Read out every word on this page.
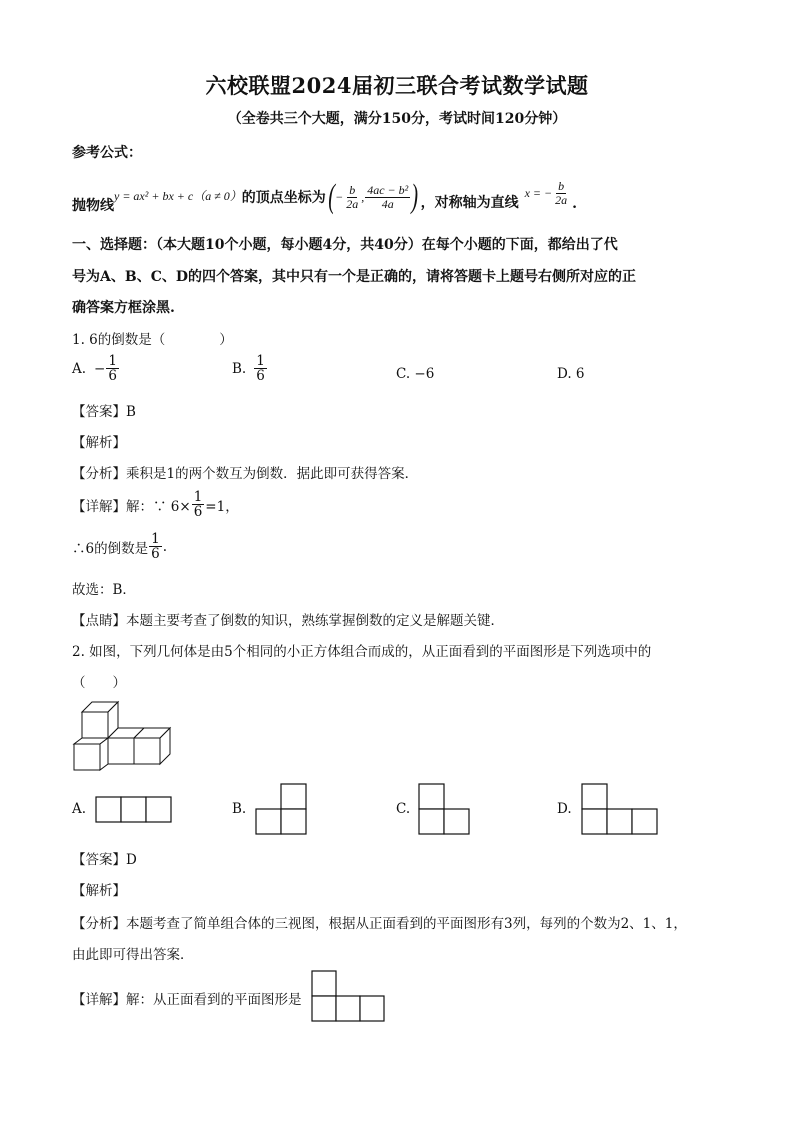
六校联盟2024届初三联合考试数学试题
（全卷共三个大题，满分150分，考试时间120分钟）
参考公式：
抛物线
y = ax² + bx + c（a ≠ 0） 的顶点坐标为 ( − $\frac{b}{2a}$ , $\frac{\text{4ac − b²}}{4a}$ ) ，对称轴为直线
x = − $\frac{b}{2a}$ .
一、选择题：（本大题10个小题，每小题4分，共40分）在每个小题的下面，都给出了代
号为A、B、C、D的四个答案，其中只有一个是正确的，请将答题卡上题号右侧所对应的正
确答案方框涂黑.
1. 6的倒数是（　　　　）
A. − $\frac{1}{6}$	B. $\frac{1}{6}$	C. −6	D. 6
【答案】B
【解析】
【分析】乘积是1的两个数互为倒数．据此即可获得答案．
【详解】 解：∵ $6\times \frac{1}{6} =1$，
∴6的倒数是 $\frac{1}{6}$ .
故选：B．
【点睛】本题主要考查了倒数的知识，熟练掌握倒数的定义是解题关键．
2. 如图，下列几何体是由5个相同的小正方体组合而成的，从正面看到的平面图形是下列选项中的
（　　）
A.	B.	C.	D.
【答案】D
【解析】
【分析】本题考查了简单组合体的三视图，根据从正面看到的平面图形有3列，每列的个数为2、1、1，
由此即可得出答案．
【详解】解：从正面看到的平面图形是
